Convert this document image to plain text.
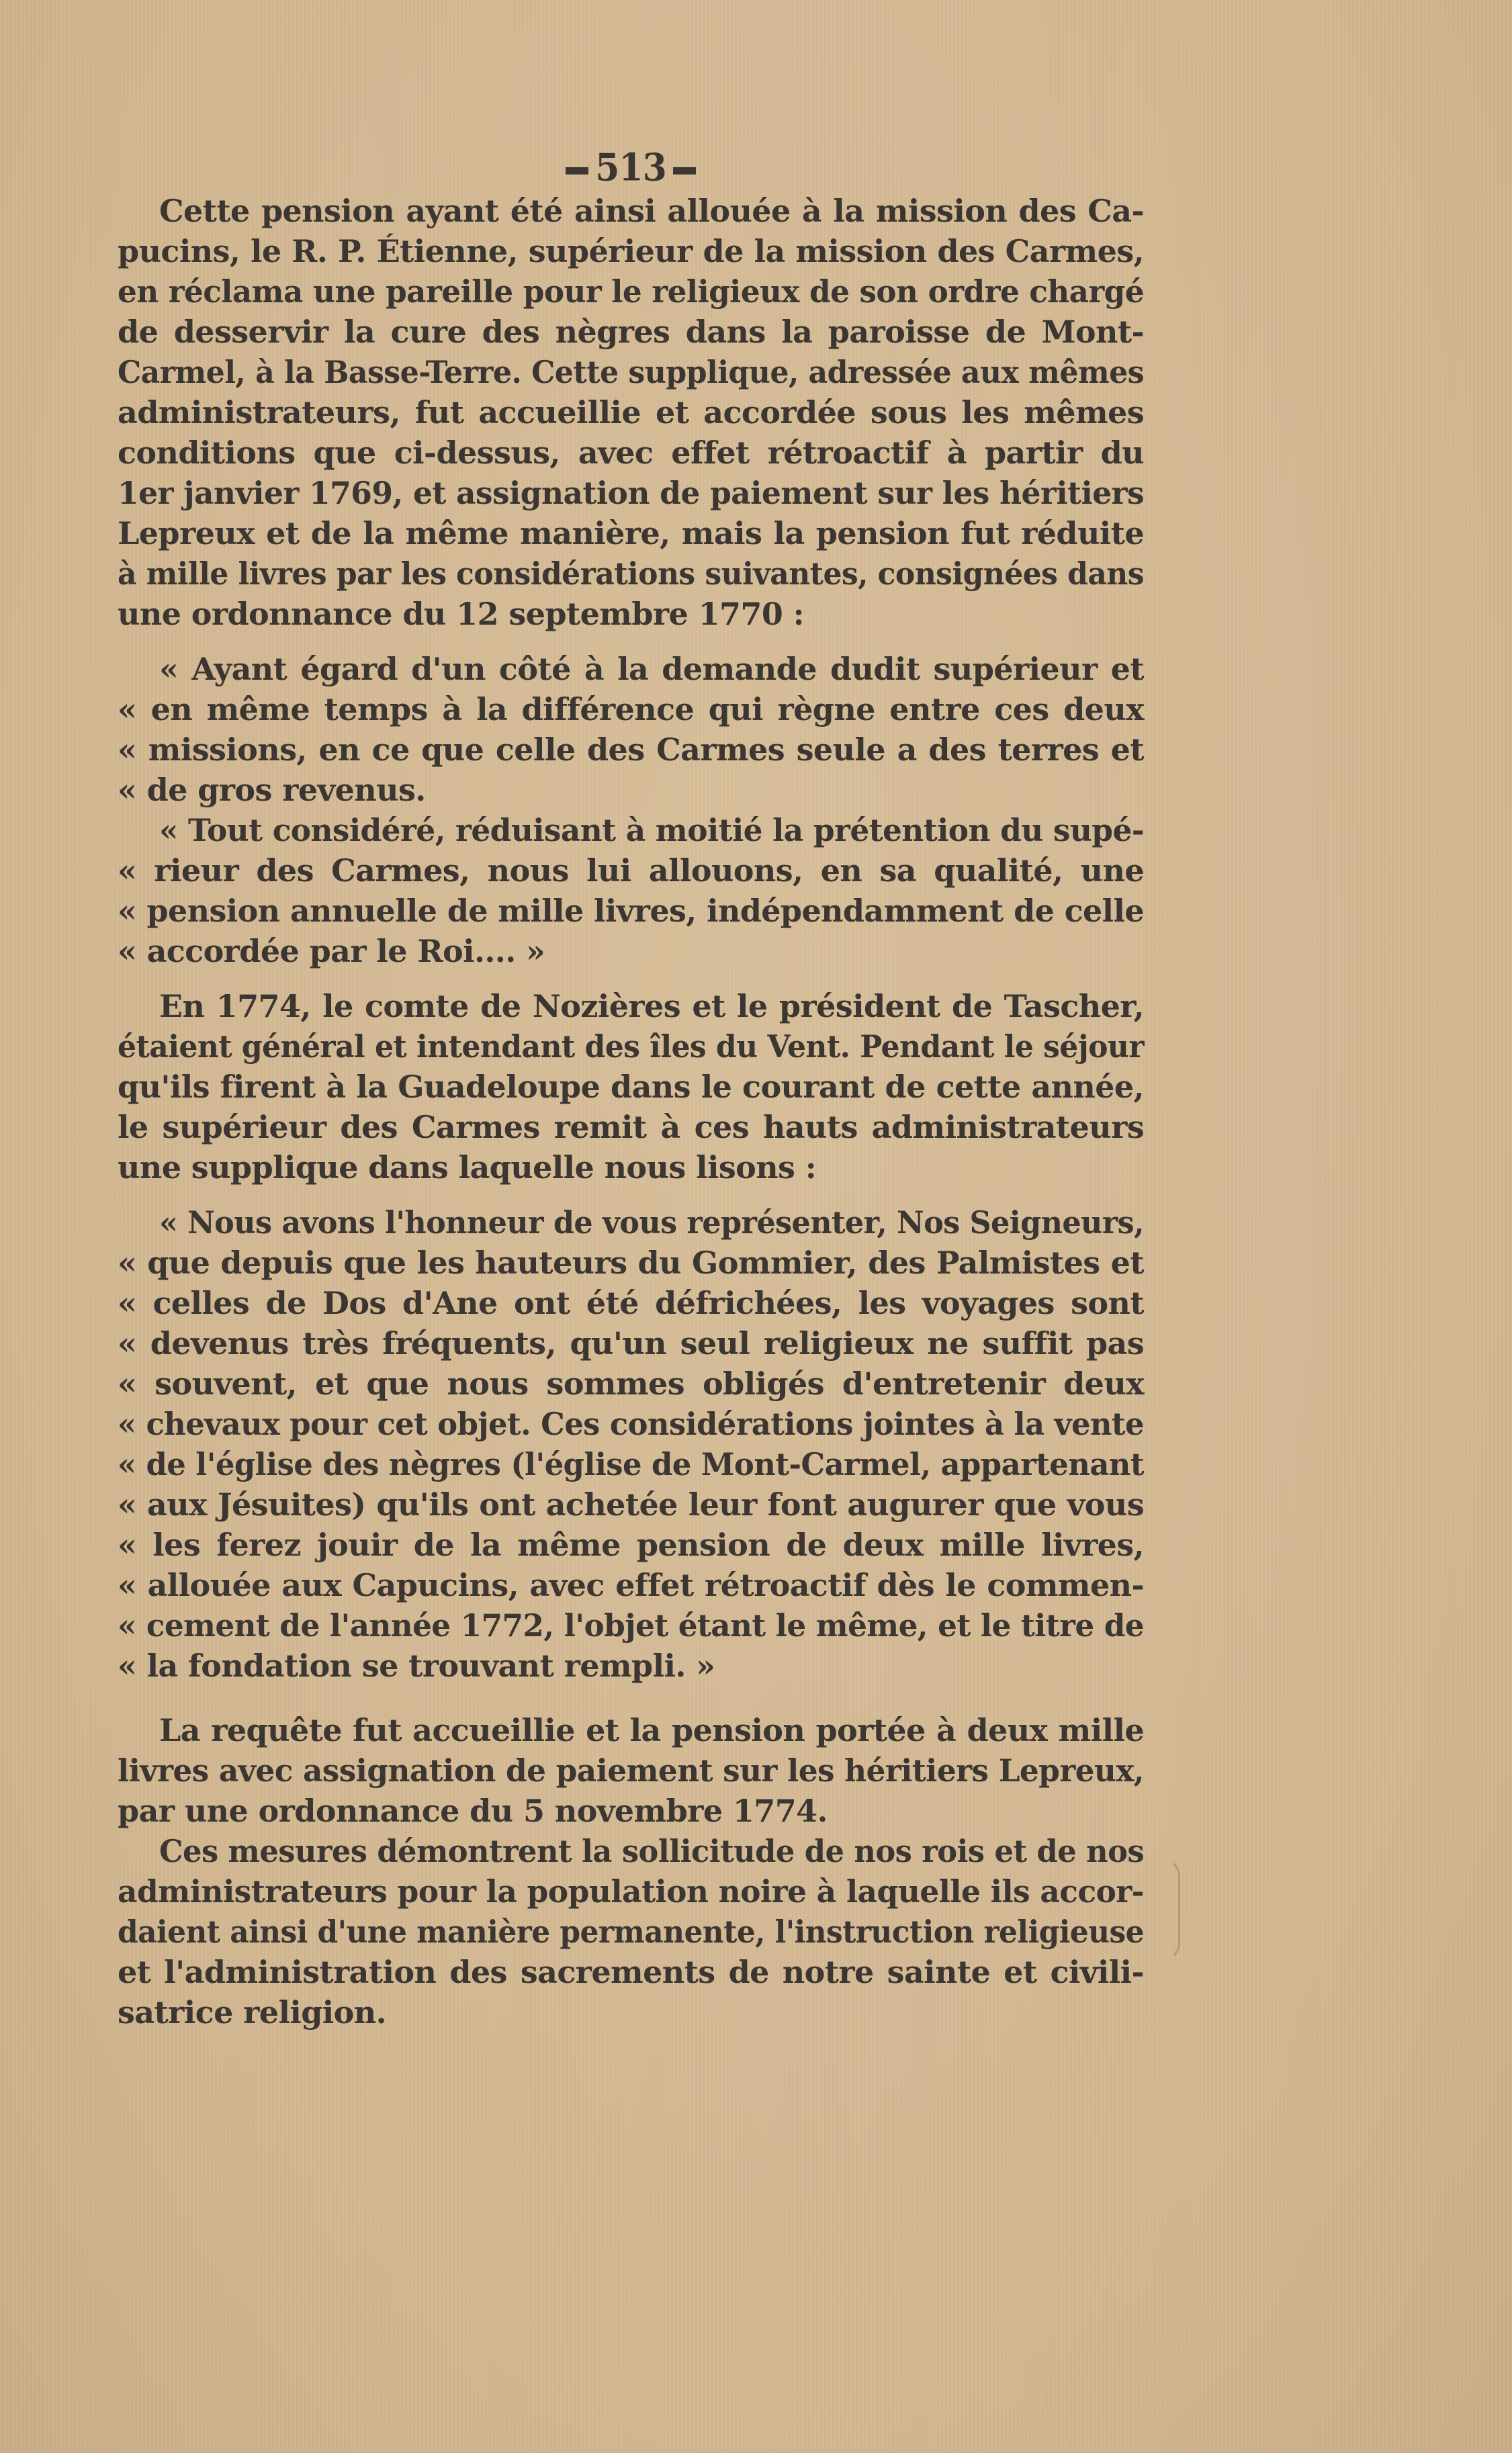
513
Cette pension ayant été ainsi allouée à la mission des Ca-
pucins, le R. P. Étienne, supérieur de la mission des Carmes,
en réclama une pareille pour le religieux de son ordre chargé
de desservir la cure des nègres dans la paroisse de Mont-
Carmel, à la Basse-Terre. Cette supplique, adressée aux mêmes
administrateurs, fut accueillie et accordée sous les mêmes
conditions que ci-dessus, avec effet rétroactif à partir du
1er janvier 1769, et assignation de paiement sur les héritiers
Lepreux et de la même manière, mais la pension fut réduite
à mille livres par les considérations suivantes, consignées dans
une ordonnance du 12 septembre 1770 :
« Ayant égard d'un côté à la demande dudit supérieur et
« en même temps à la différence qui règne entre ces deux
« missions, en ce que celle des Carmes seule a des terres et
« de gros revenus.
« Tout considéré, réduisant à moitié la prétention du supé-
« rieur des Carmes, nous lui allouons, en sa qualité, une
« pension annuelle de mille livres, indépendamment de celle
« accordée par le Roi.... »
En 1774, le comte de Nozières et le président de Tascher,
étaient général et intendant des îles du Vent. Pendant le séjour
qu'ils firent à la Guadeloupe dans le courant de cette année,
le supérieur des Carmes remit à ces hauts administrateurs
une supplique dans laquelle nous lisons :
« Nous avons l'honneur de vous représenter, Nos Seigneurs,
« que depuis que les hauteurs du Gommier, des Palmistes et
« celles de Dos d'Ane ont été défrichées, les voyages sont
« devenus très fréquents, qu'un seul religieux ne suffit pas
« souvent, et que nous sommes obligés d'entretenir deux
« chevaux pour cet objet. Ces considérations jointes à la vente
« de l'église des nègres (l'église de Mont-Carmel, appartenant
« aux Jésuites) qu'ils ont achetée leur font augurer que vous
« les ferez jouir de la même pension de deux mille livres,
« allouée aux Capucins, avec effet rétroactif dès le commen-
« cement de l'année 1772, l'objet étant le même, et le titre de
« la fondation se trouvant rempli. »
La requête fut accueillie et la pension portée à deux mille
livres avec assignation de paiement sur les héritiers Lepreux,
par une ordonnance du 5 novembre 1774.
Ces mesures démontrent la sollicitude de nos rois et de nos
administrateurs pour la population noire à laquelle ils accor-
daient ainsi d'une manière permanente, l'instruction religieuse
et l'administration des sacrements de notre sainte et civili-
satrice religion.
